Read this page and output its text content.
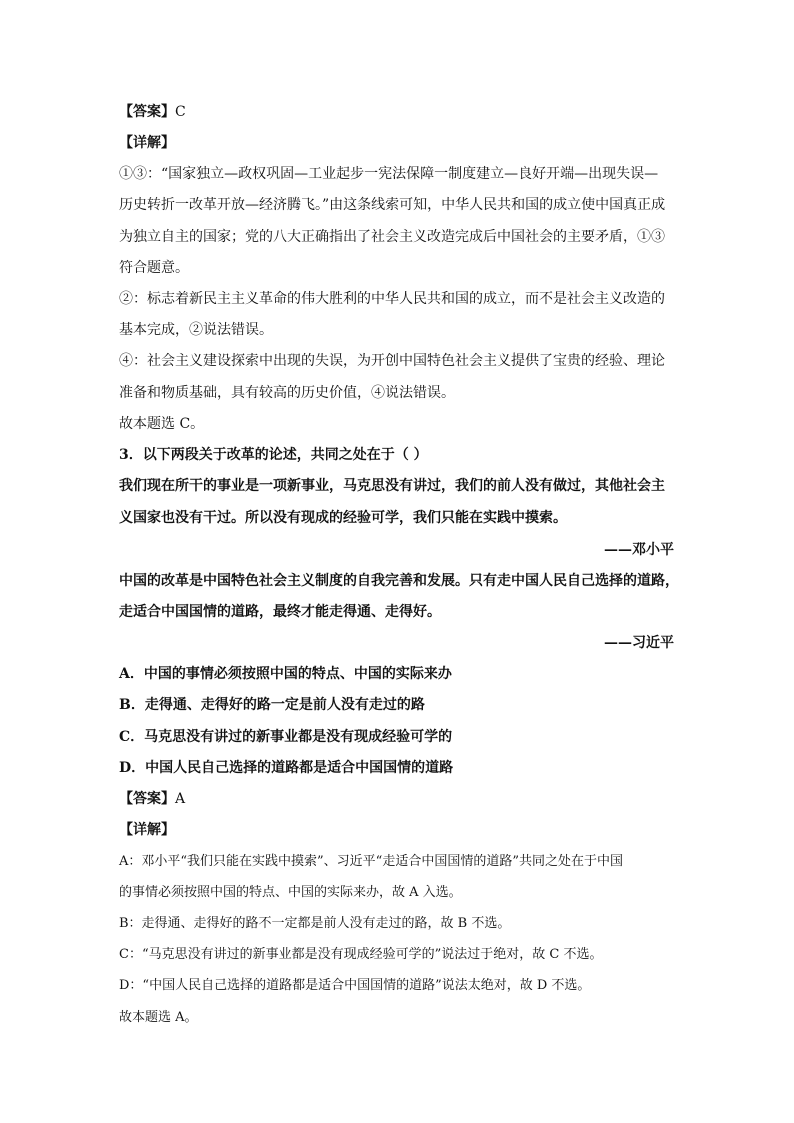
【答案】C
【详解】
①③：“国家独立—政权巩固—工业起步一宪法保障一制度建立—良好开端—出现失误—
历史转折一改革开放—经济腾飞。”由这条线索可知，中华人民共和国的成立使中国真正成
为独立自主的国家；党的八大正确指出了社会主义改造完成后中国社会的主要矛盾，①③
符合题意。
②：标志着新民主主义革命的伟大胜利的中华人民共和国的成立，而不是社会主义改造的
基本完成，②说法错误。
④：社会主义建设探索中出现的失误，为开创中国特色社会主义提供了宝贵的经验、理论
准备和物质基础，具有较高的历史价值，④说法错误。
故本题选 C。
3．以下两段关于改革的论述，共同之处在于（ ）
我们现在所干的事业是一项新事业，马克思没有讲过，我们的前人没有做过，其他社会主
义国家也没有干过。所以没有现成的经验可学，我们只能在实践中摸索。
——邓小平
中国的改革是中国特色社会主义制度的自我完善和发展。只有走中国人民自己选择的道路，
走适合中国国情的道路，最终才能走得通、走得好。
——习近平
A．中国的事情必须按照中国的特点、中国的实际来办
B．走得通、走得好的路一定是前人没有走过的路
C．马克思没有讲过的新事业都是没有现成经验可学的
D．中国人民自己选择的道路都是适合中国国情的道路
【答案】A
【详解】
A：邓小平“我们只能在实践中摸索”、习近平“走适合中国国情的道路”共同之处在于中国
的事情必须按照中国的特点、中国的实际来办，故 A 入选。
B：走得通、走得好的路不一定都是前人没有走过的路，故 B 不选。
C：“马克思没有讲过的新事业都是没有现成经验可学的”说法过于绝对，故 C 不选。
D：“中国人民自己选择的道路都是适合中国国情的道路”说法太绝对，故 D 不选。
故本题选 A。
